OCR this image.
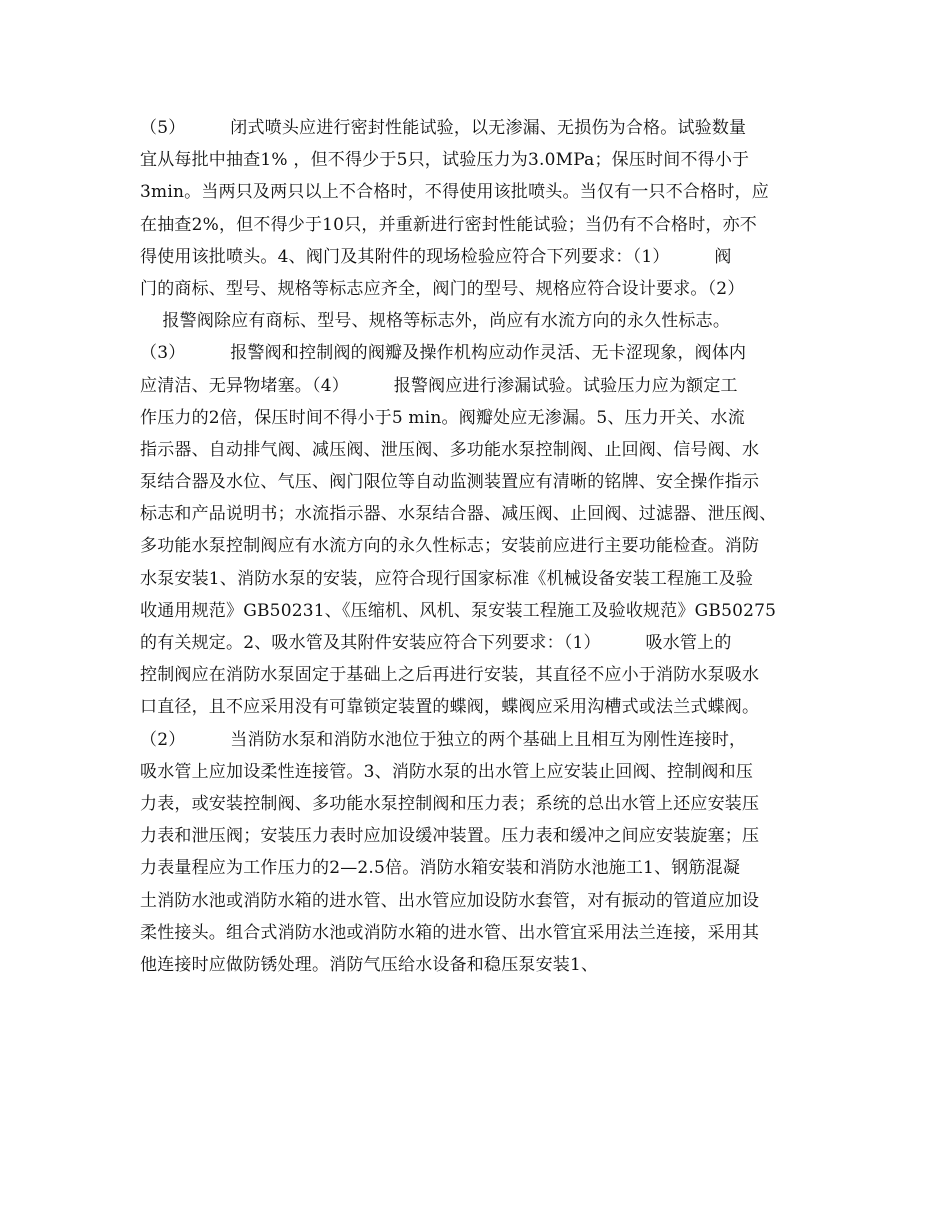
（5）        闭式喷头应进行密封性能试验，以无渗漏、无损伤为合格。试验数量
宜从每批中抽查1% ，但不得少于5只，试验压力为3.0MPa；保压时间不得小于
3min。当两只及两只以上不合格时，不得使用该批喷头。当仅有一只不合格时，应
在抽查2%，但不得少于10只，并重新进行密封性能试验；当仍有不合格时，亦不
得使用该批喷头。4、阀门及其附件的现场检验应符合下列要求：（1）        阀
门的商标、型号、规格等标志应齐全，阀门的型号、规格应符合设计要求。（2）
报警阀除应有商标、型号、规格等标志外，尚应有水流方向的永久性标志。
（3）        报警阀和控制阀的阀瓣及操作机构应动作灵活、无卡涩现象，阀体内
应清洁、无异物堵塞。（4）        报警阀应进行渗漏试验。试验压力应为额定工
作压力的2倍，保压时间不得小于5 min。阀瓣处应无渗漏。5、压力开关、水流
指示器、自动排气阀、减压阀、泄压阀、多功能水泵控制阀、止回阀、信号阀、水
泵结合器及水位、气压、阀门限位等自动监测装置应有清晰的铭牌、安全操作指示
标志和产品说明书；水流指示器、水泵结合器、减压阀、止回阀、过滤器、泄压阀、
多功能水泵控制阀应有水流方向的永久性标志；安装前应进行主要功能检查。消防
水泵安装1、消防水泵的安装，应符合现行国家标准《机械设备安装工程施工及验
收通用规范》GB50231、《压缩机、风机、泵安装工程施工及验收规范》GB50275
的有关规定。2、吸水管及其附件安装应符合下列要求：（1）        吸水管上的
控制阀应在消防水泵固定于基础上之后再进行安装，其直径不应小于消防水泵吸水
口直径，且不应采用没有可靠锁定装置的蝶阀，蝶阀应采用沟槽式或法兰式蝶阀。
（2）        当消防水泵和消防水池位于独立的两个基础上且相互为刚性连接时，
吸水管上应加设柔性连接管。3、消防水泵的出水管上应安装止回阀、控制阀和压
力表，或安装控制阀、多功能水泵控制阀和压力表；系统的总出水管上还应安装压
力表和泄压阀；安装压力表时应加设缓冲装置。压力表和缓冲之间应安装旋塞；压
力表量程应为工作压力的2—2.5倍。消防水箱安装和消防水池施工1、钢筋混凝
土消防水池或消防水箱的进水管、出水管应加设防水套管，对有振动的管道应加设
柔性接头。组合式消防水池或消防水箱的进水管、出水管宜采用法兰连接，采用其
他连接时应做防锈处理。消防气压给水设备和稳压泵安装1、
